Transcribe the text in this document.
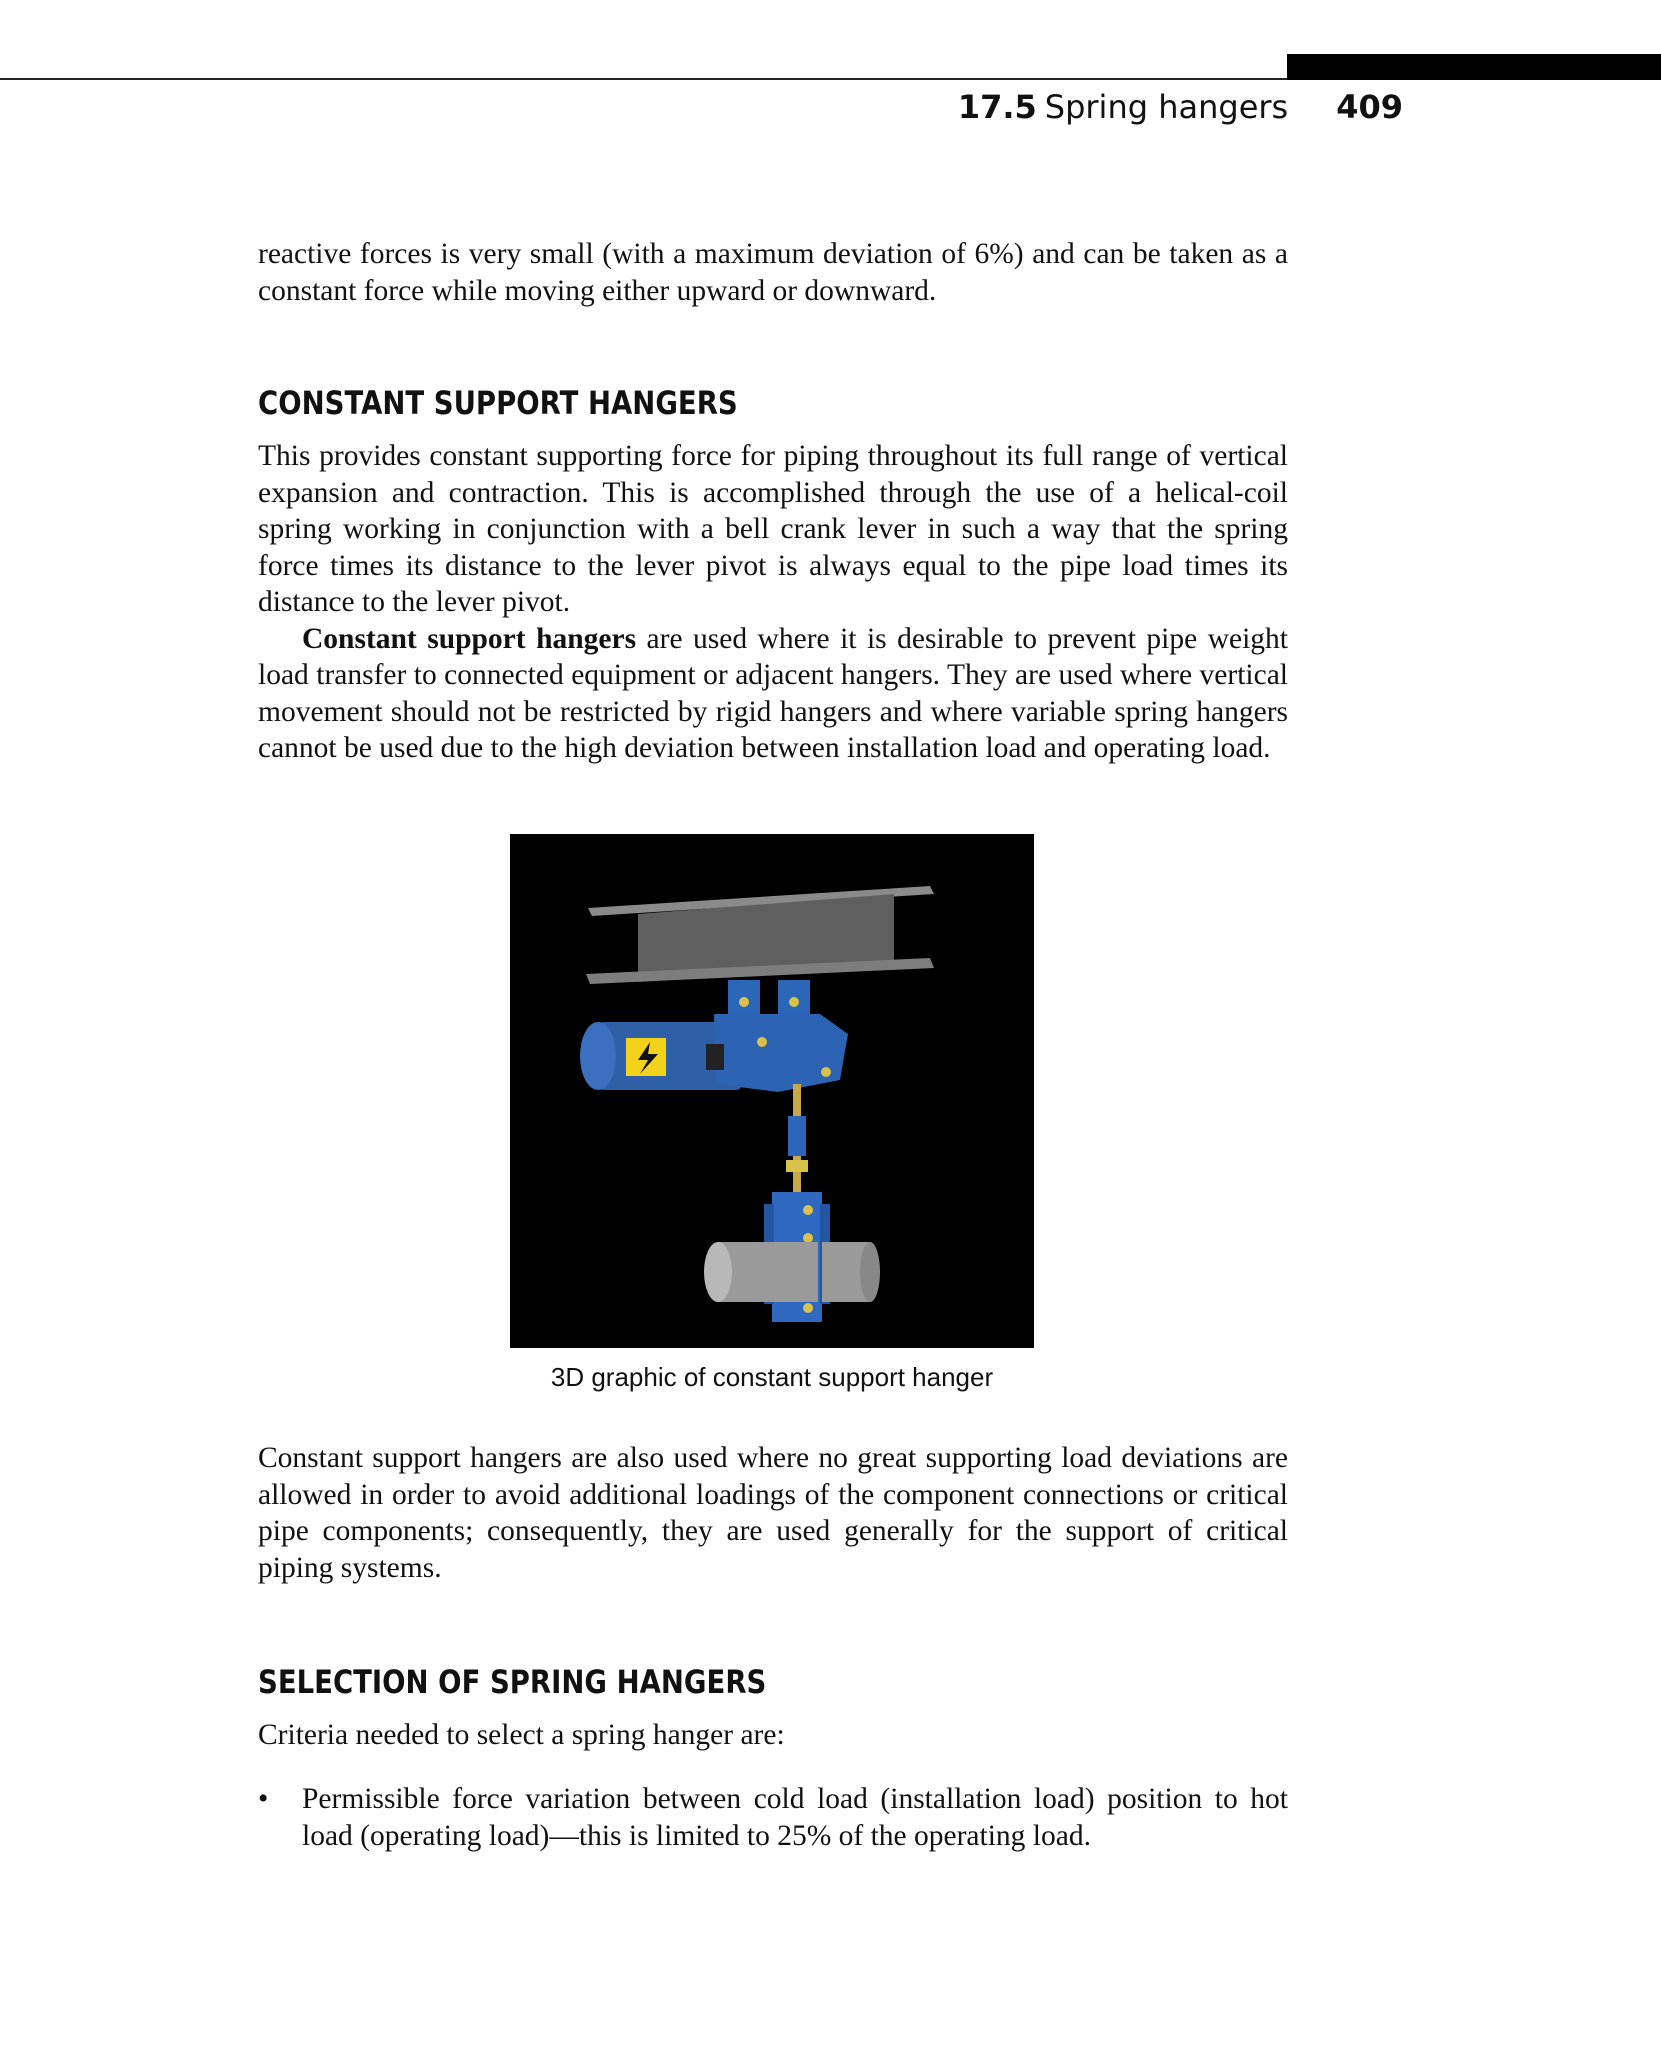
17.5 Spring hangers 409

reactive forces is very small (with a maximum deviation of 6%) and can be taken as a constant force while moving either upward or downward.

CONSTANT SUPPORT HANGERS

This provides constant supporting force for piping throughout its full range of vertical expansion and contraction. This is accomplished through the use of a helical-coil spring working in conjunction with a bell crank lever in such a way that the spring force times its distance to the lever pivot is always equal to the pipe load times its distance to the lever pivot.

Constant support hangers are used where it is desirable to prevent pipe weight load transfer to connected equipment or adjacent hangers. They are used where vertical movement should not be restricted by rigid hangers and where variable spring hangers cannot be used due to the high deviation between installation load and operating load.

3D graphic of constant support hanger

Constant support hangers are also used where no great supporting load deviations are allowed in order to avoid additional loadings of the component connections or critical pipe components; consequently, they are used generally for the support of critical piping systems.

SELECTION OF SPRING HANGERS

Criteria needed to select a spring hanger are:

• Permissible force variation between cold load (installation load) position to hot load (operating load)—this is limited to 25% of the operating load.
